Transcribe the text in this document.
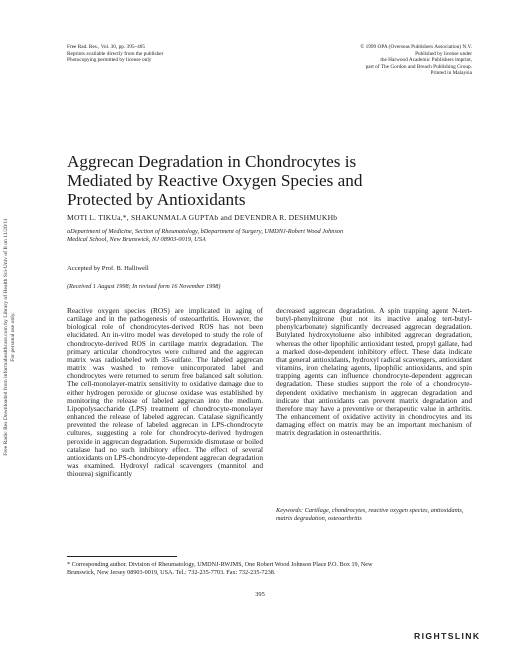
Free Radic Res Downloaded from informahealthcare.com by Library of Health Sci-Univ of Il on 11/20/11
For personal use only.
Free Rad. Res., Vol. 30, pp. 395–405
Reprints available directly from the publisher
Photocopying permitted by license only
© 1999 OPA (Overseas Publishers Association) N.V.
Published by license under
the Harwood Academic Publishers imprint,
part of The Gordon and Breach Publishing Group.
Printed in Malaysia
Aggrecan Degradation in Chondrocytes is
Mediated by Reactive Oxygen Species and
Protected by Antioxidants
MOTI L. TIKUa,*, SHAKUNMALA GUPTAb and DEVENDRA R. DESHMUKHb
aDepartment of Medicine, Section of Rheumatology, bDepartment of Surgery, UMDNJ-Robert Wood Johnson
Medical School, New Brunswick, NJ 08903-0019, USA
Accepted by Prof. B. Halliwell
(Received 1 August 1998; In revised form 16 November 1998)
Reactive oxygen species (ROS) are implicated in aging of cartilage and in the pathogenesis of osteoarthritis. However, the biological role of chondrocytes-derived ROS has not been elucidated. An in-vitro model was developed to study the role of chondrocyte-derived ROS in cartilage matrix degradation. The primary articular chondrocytes were cultured and the aggrecan matrix was radiolabeled with 35-sulfate. The labeled aggrecan matrix was washed to remove unincorporated label and chondrocytes were returned to serum free balanced salt solution. The cell-monolayer-matrix sensitivity to oxidative damage due to either hydrogen peroxide or glucose oxidase was established by monitoring the release of labeled aggrecan into the medium. Lipopolysaccharide (LPS) treatment of chondrocyte-monolayer enhanced the release of labeled aggrecan. Catalase significantly prevented the release of labeled aggrecan in LPS-chondrocyte cultures, suggesting a role for chondrocyte-derived hydrogen peroxide in aggrecan degradation. Superoxide dismutase or boiled catalase had no such inhibitory effect. The effect of several antioxidants on LPS-chondrocyte-dependent aggrecan degradation was examined. Hydroxyl radical scavengers (mannitol and thiourea) significantly
decreased aggrecan degradation. A spin trapping agent N-tert-butyl-phenylnitrone (but not its inactive analog tert-butyl-phenylcarbonate) significantly decreased aggrecan degradation. Butylated hydroxytoluene also inhibited aggrecan degradation, whereas the other lipophilic antioxidant tested, propyl gallate, had a marked dose-dependent inhibitory effect. These data indicate that general antioxidants, hydroxyl radical scavengers, antioxidant vitamins, iron chelating agents, lipophilic antioxidants, and spin trapping agents can influence chondrocyte-dependent aggrecan degradation. These studies support the role of a chondrocyte-dependent oxidative mechanism in aggrecan degradation and indicate that antioxidants can prevent matrix degradation and therefore may have a preventive or therapeutic value in arthritis. The enhancement of oxidative activity in chondrocytes and its damaging effect on matrix may be an important mechanism of matrix degradation in osteoarthritis.
Keywords: Cartilage, chondrocytes, reactive oxygen species, antioxidants, matrix degradation, osteoarthritis
* Corresponding author. Division of Rheumatology, UMDNJ-RWJMS, One Robert Wood Johnson Place P.O. Box 19, New
Brunswick, New Jersey 08903-0019, USA. Tel.: 732-235-7703. Fax: 732-235-7238.
395
RIGHTSLINK
